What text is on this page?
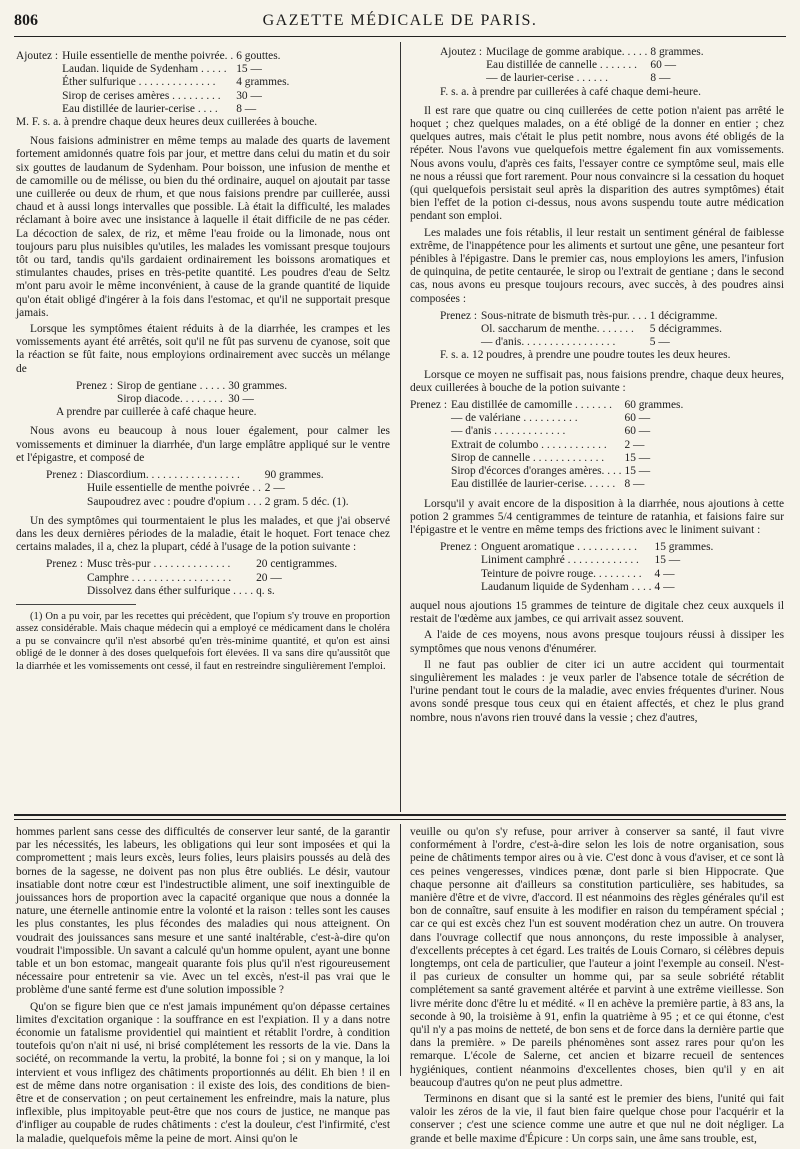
806	GAZETTE MÉDICALE DE PARIS.
Ajoutez :	Huile essentielle de menthe poivrée. .	6 gouttes.
	Laudan. liquide de Sydenham . . . . .	15 —
	Éther sulfurique . . . . . . . . . . . . . .	4 grammes.
	Sirop de cerises amères . . . . . . . . .	30 —
	Eau distillée de laurier-cerise . . . .	8 —
M. F. s. a. à prendre chaque deux heures deux cuillerées à bouche.

Nous faisions administrer en même temps au malade des quarts de lavement fortement amidonnés quatre fois par jour, et mettre dans celui du matin et du soir six gouttes de laudanum de Sydenham. Pour boisson, une infusion de menthe et de camomille ou de mélisse, ou bien du thé ordinaire, auquel on ajoutait par tasse une cuillerée ou deux de rhum, et que nous faisions prendre par cuillerée, aussi chaud et à aussi longs intervalles que possible. Là était la difficulté, les malades réclamant à boire avec une insistance à laquelle il était difficile de ne pas céder. La décoction de salex, de riz, et même l'eau froide ou la limonade, nous ont toujours paru plus nuisibles qu'utiles, les malades les vomissant presque toujours tôt ou tard, tandis qu'ils gardaient ordinairement les boissons aromatiques et stimulantes chaudes, prises en très-petite quantité. Les poudres d'eau de Seltz m'ont paru avoir le même inconvénient, à cause de la grande quantité de liquide qu'on était obligé d'ingérer à la fois dans l'estomac, et qu'il ne supportait presque jamais.

Lorsque les symptômes étaient réduits à de la diarrhée, les crampes et les vomissements ayant été arrêtés, soit qu'il ne fût pas survenu de cyanose, soit que la réaction se fût faite, nous employions ordinairement avec succès un mélange de

Prenez :	Sirop de gentiane . . . . .	30 grammes.
	Sirop diacode. . . . . . . .	30 —
A prendre par cuillerée à café chaque heure.

Nous avons eu beaucoup à nous louer également, pour calmer les vomissements et diminuer la diarrhée, d'un large emplâtre appliqué sur le ventre et l'épigastre, et composé de

Prenez :	Diascordium. . . . . . . . . . . . . . . . .	90 grammes.
	Huile essentielle de menthe poivrée . .	2 —
	Saupoudrez avec : poudre d'opium . . .	2 gram. 5 déc. (1).

Un des symptômes qui tourmentaient le plus les malades, et que j'ai observé dans les deux dernières périodes de la maladie, était le hoquet. Fort tenace chez certains malades, il a, chez la plupart, cédé à l'usage de la potion suivante :

Prenez :	Musc très-pur . . . . . . . . . . . . . .	20 centigrammes.
	Camphre . . . . . . . . . . . . . . . . . .	20 —
	Dissolvez dans éther sulfurique . . . .	q. s.

(1) On a pu voir, par les recettes qui précèdent, que l'opium s'y trouve en proportion assez considérable. Mais chaque médecin qui a employé ce médicament dans le choléra a pu se convaincre qu'il n'est absorbé qu'en très-minime quantité, et qu'on est ainsi obligé de le donner à des doses quelquefois fort élevées. Il va sans dire qu'aussitôt que la diarrhée et les vomissements ont cessé, il faut en restreindre singulièrement l'emploi.

Ajoutez :	Mucilage de gomme arabique. . . . .	8 grammes.
	Eau distillée de cannelle . . . . . . .	60 —
	— de laurier-cerise . . . . . .	8 —
F. s. a. à prendre par cuillerées à café chaque demi-heure.

Il est rare que quatre ou cinq cuillerées de cette potion n'aient pas arrêté le hoquet ; chez quelques malades, on a été obligé de la donner en entier ; chez quelques autres, mais c'était le plus petit nombre, nous avons été obligés de la répéter. Nous l'avons vue quelquefois mettre également fin aux vomissements. Nous avons voulu, d'après ces faits, l'essayer contre ce symptôme seul, mais elle ne nous a réussi que fort rarement. Pour nous convaincre si la cessation du hoquet (qui quelquefois persistait seul après la disparition des autres symptômes) était bien l'effet de la potion ci-dessus, nous avons suspendu toute autre médication pendant son emploi.

Les malades une fois rétablis, il leur restait un sentiment général de faiblesse extrême, de l'inappétence pour les aliments et surtout une gêne, une pesanteur fort pénibles à l'épigastre. Dans le premier cas, nous employions les amers, l'infusion de quinquina, de petite centaurée, le sirop ou l'extrait de gentiane ; dans le second cas, nous avons eu presque toujours recours, avec succès, à des poudres ainsi composées :

Prenez :	Sous-nitrate de bismuth très-pur. . . .	1 décigramme.
	Ol. saccharum de menthe. . . . . . .	5 décigrammes.
	— d'anis. . . . . . . . . . . . . . . . .	5 —
F. s. a. 12 poudres, à prendre une poudre toutes les deux heures.

Lorsque ce moyen ne suffisait pas, nous faisions prendre, chaque deux heures, deux cuillerées à bouche de la potion suivante :

Prenez :	Eau distillée de camomille . . . . . . .	60 grammes.
	— de valériane . . . . . . . . . .	60 —
	— d'anis . . . . . . . . . . . . .	60 —
	Extrait de columbo . . . . . . . . . . . .	2 —
	Sirop de cannelle . . . . . . . . . . . . .	15 —
	Sirop d'écorces d'oranges amères. . . .	15 —
	Eau distillée de laurier-cerise. . . . . .	8 —

Lorsqu'il y avait encore de la disposition à la diarrhée, nous ajoutions à cette potion 2 grammes 5/4 centigrammes de teinture de ratanhia, et faisions faire sur l'épigastre et le ventre en même temps des frictions avec le liniment suivant :

Prenez :	Onguent aromatique . . . . . . . . . . .	15 grammes.
	Liniment camphré . . . . . . . . . . . . .	15 —
	Teinture de poivre rouge. . . . . . . . .	4 —
	Laudanum liquide de Sydenham . . . .	4 —

auquel nous ajoutions 15 grammes de teinture de digitale chez ceux auxquels il restait de l'œdème aux jambes, ce qui arrivait assez souvent.

A l'aide de ces moyens, nous avons presque toujours réussi à dissiper les symptômes que nous venons d'énumérer.

Il ne faut pas oublier de citer ici un autre accident qui tourmentait singulièrement les malades : je veux parler de l'absence totale de sécrétion de l'urine pendant tout le cours de la maladie, avec envies fréquentes d'uriner. Nous avons sondé presque tous ceux qui en étaient affectés, et chez le plus grand nombre, nous n'avons rien trouvé dans la vessie ; chez d'autres,

hommes parlent sans cesse des difficultés de conserver leur santé, de la garantir par les nécessités, les labeurs, les obligations qui leur sont imposées et qui la compromettent ; mais leurs excès, leurs folies, leurs plaisirs poussés au delà des bornes de la sagesse, ne doivent pas non plus être oubliés. Le désir, vautour insatiable dont notre cœur est l'indestructible aliment, une soif inextinguible de jouissances hors de proportion avec la capacité organique que nous a donnée la nature, une éternelle antinomie entre la volonté et la raison : telles sont les causes les plus constantes, les plus fécondes des maladies qui nous atteignent. On voudrait des jouissances sans mesure et une santé inaltérable, c'est-à-dire qu'on voudrait l'impossible. Un savant a calculé qu'un homme opulent, ayant une bonne table et un bon estomac, mangeait quarante fois plus qu'il n'est rigoureusement nécessaire pour entretenir sa vie. Avec un tel excès, n'est-il pas vrai que le problème d'une santé ferme est d'une solution impossible ?

Qu'on se figure bien que ce n'est jamais impunément qu'on dépasse certaines limites d'excitation organique : la souffrance en est l'expiation. Il y a dans notre économie un fatalisme providentiel qui maintient et rétablit l'ordre, à condition toutefois qu'on n'ait ni usé, ni brisé complétement les ressorts de la vie. Dans la société, on recommande la vertu, la probité, la bonne foi ; si on y manque, la loi intervient et vous infligez des châtiments proportionnés au délit. Eh bien ! il en est de même dans notre organisation : il existe des lois, des conditions de bien-être et de conservation ; on peut certainement les enfreindre, mais la nature, plus inflexible, plus impitoyable peut-être que nos cours de justice, ne manque pas d'infliger au coupable de rudes châtiments : c'est la douleur, c'est l'infirmité, c'est la maladie, quelquefois même la peine de mort. Ainsi qu'on le

veuille ou qu'on s'y refuse, pour arriver à conserver sa santé, il faut vivre conformément à l'ordre, c'est-à-dire selon les lois de notre organisation, sous peine de châtiments tempor aires ou à vie. C'est donc à vous d'aviser, et ce sont là ces peines vengeresses, vindices pœnæ, dont parle si bien Hippocrate. Que chaque personne ait d'ailleurs sa constitution particulière, ses habitudes, sa manière d'être et de vivre, d'accord. Il est néanmoins des règles générales qu'il est bon de connaître, sauf ensuite à les modifier en raison du tempérament spécial ; car ce qui est excès chez l'un est souvent modération chez un autre. On trouvera dans l'ouvrage collectif que nous annonçons, du reste impossible à analyser, d'excellents préceptes à cet égard. Les traités de Louis Cornaro, si célèbres depuis longtemps, ont cela de particulier, que l'auteur a joint l'exemple au conseil. N'est-il pas curieux de consulter un homme qui, par sa seule sobriété rétablit complétement sa santé gravement altérée et parvint à une extrême vieillesse. Son livre mérite donc d'être lu et médité. « Il en achève la première partie, à 83 ans, la seconde à 90, la troisième à 91, enfin la quatrième à 95 ; et ce qui étonne, c'est qu'il n'y a pas moins de netteté, de bon sens et de force dans la dernière partie que dans la première. » De pareils phénomènes sont assez rares pour qu'on les remarque. L'école de Salerne, cet ancien et bizarre recueil de sentences hygiéniques, contient néanmoins d'excellentes choses, bien qu'il y en ait beaucoup d'autres qu'on ne peut plus admettre.

Terminons en disant que si la santé est le premier des biens, l'unité qui fait valoir les zéros de la vie, il faut bien faire quelque chose pour l'acquérir et la conserver ; c'est une science comme une autre et que nul ne doit négliger. La grande et belle maxime d'Épicure : Un corps sain, une âme sans trouble, est,
